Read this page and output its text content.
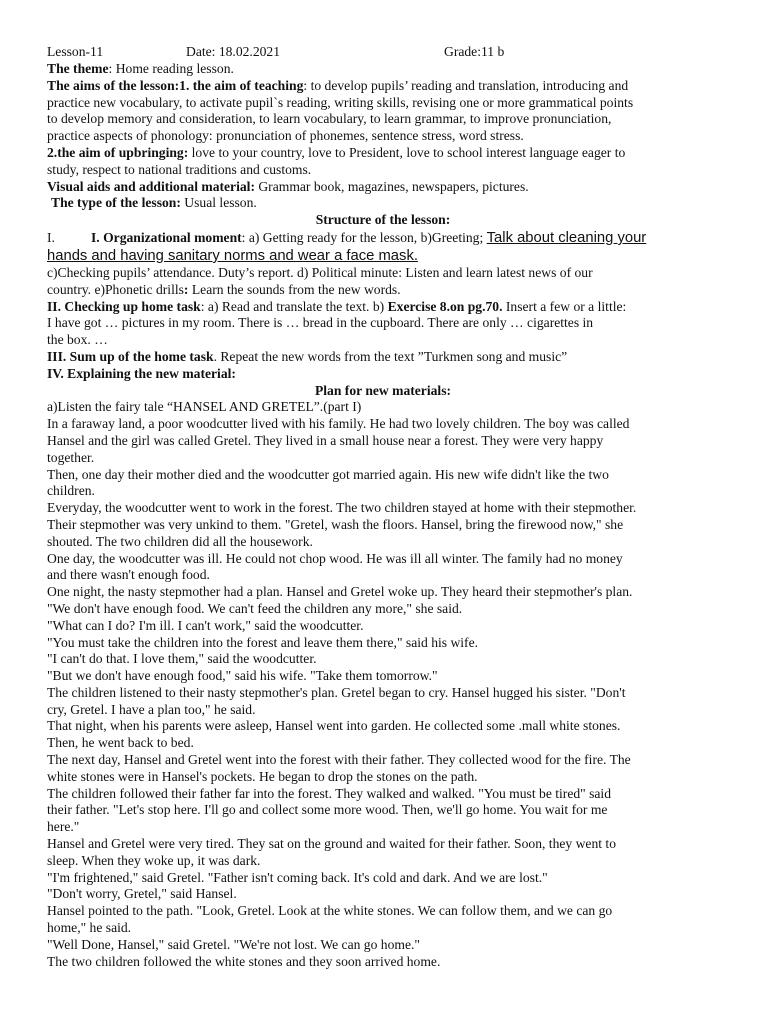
Lesson-11	Date: 18.02.2021	Grade:11 b
The theme: Home reading lesson.
The aims of the lesson:1. the aim of teaching: to develop pupils’ reading and translation, introducing and
practice new vocabulary, to activate pupil`s reading, writing skills, revising one or more grammatical points
to develop memory and consideration, to learn vocabulary, to learn grammar, to improve pronunciation,
practice aspects of phonology: pronunciation of phonemes, sentence stress, word stress.
2.the aim of upbringing: love to your country, love to President, love to school interest language eager to
study, respect to national traditions and customs.
Visual aids and additional material: Grammar book, magazines, newspapers, pictures.
The type of the lesson: Usual lesson.
Structure of the lesson:
I.	I. Organizational moment: a) Getting ready for the lesson, b)Greeting; Talk about cleaning your
hands and having sanitary norms and wear a face mask.
c)Checking pupils’ attendance. Duty’s report. d) Political minute: Listen and learn latest news of our
country. e)Phonetic drills: Learn the sounds from the new words.
II. Checking up home task: a) Read and translate the text. b) Exercise 8.on pg.70. Insert a few or a little:
I have got … pictures in my room. There is … bread in the cupboard. There are only … cigarettes in
the box. …
III. Sum up of the home task. Repeat the new words from the text ”Turkmen song and music”
IV. Explaining the new material:
Plan for new materials:
a)Listen the fairy tale “HANSEL AND GRETEL”.(part I)
In a faraway land, a poor woodcutter lived with his family. He had two lovely children. The boy was called
Hansel and the girl was called Gretel. They lived in a small house near a forest. They were very happy
together.
Then, one day their mother died and the woodcutter got married again. His new wife didn't like the two
children.
Everyday, the woodcutter went to work in the forest. The two children stayed at home with their stepmother.
Their stepmother was very unkind to them. "Gretel, wash the floors. Hansel, bring the firewood now," she
shouted. The two children did all the housework.
One day, the woodcutter was ill. He could not chop wood. He was ill all winter. The family had no money
and there wasn't enough food.
One night, the nasty stepmother had a plan. Hansel and Gretel woke up. They heard their stepmother's plan.
"We don't have enough food. We can't feed the children any more," she said.
"What can I do? I'm ill. I can't work," said the woodcutter.
"You must take the children into the forest and leave them there," said his wife.
"I can't do that. I love them," said the woodcutter.
"But we don't have enough food," said his wife. "Take them tomorrow."
The children listened to their nasty stepmother's plan. Gretel began to cry. Hansel hugged his sister. "Don't
cry, Gretel. I have a plan too," he said.
That night, when his parents were asleep, Hansel went into garden. He collected some .mall white stones.
Then, he went back to bed.
The next day, Hansel and Gretel went into the forest with their father. They collected wood for the fire. The
white stones were in Hansel's pockets. He began to drop the stones on the path.
The children followed their father far into the forest. They walked and walked. "You must be tired" said
their father. "Let's stop here. I'll go and collect some more wood. Then, we'll go home. You wait for me
here."
Hansel and Gretel were very tired. They sat on the ground and waited for their father. Soon, they went to
sleep. When they woke up, it was dark.
"I'm frightened," said Gretel. "Father isn't coming back. It's cold and dark. And we are lost."
"Don't worry, Gretel," said Hansel.
Hansel pointed to the path. "Look, Gretel. Look at the white stones. We can follow them, and we can go
home," he said.
"Well Done, Hansel," said Gretel. "We're not lost. We can go home."
The two children followed the white stones and they soon arrived home.
